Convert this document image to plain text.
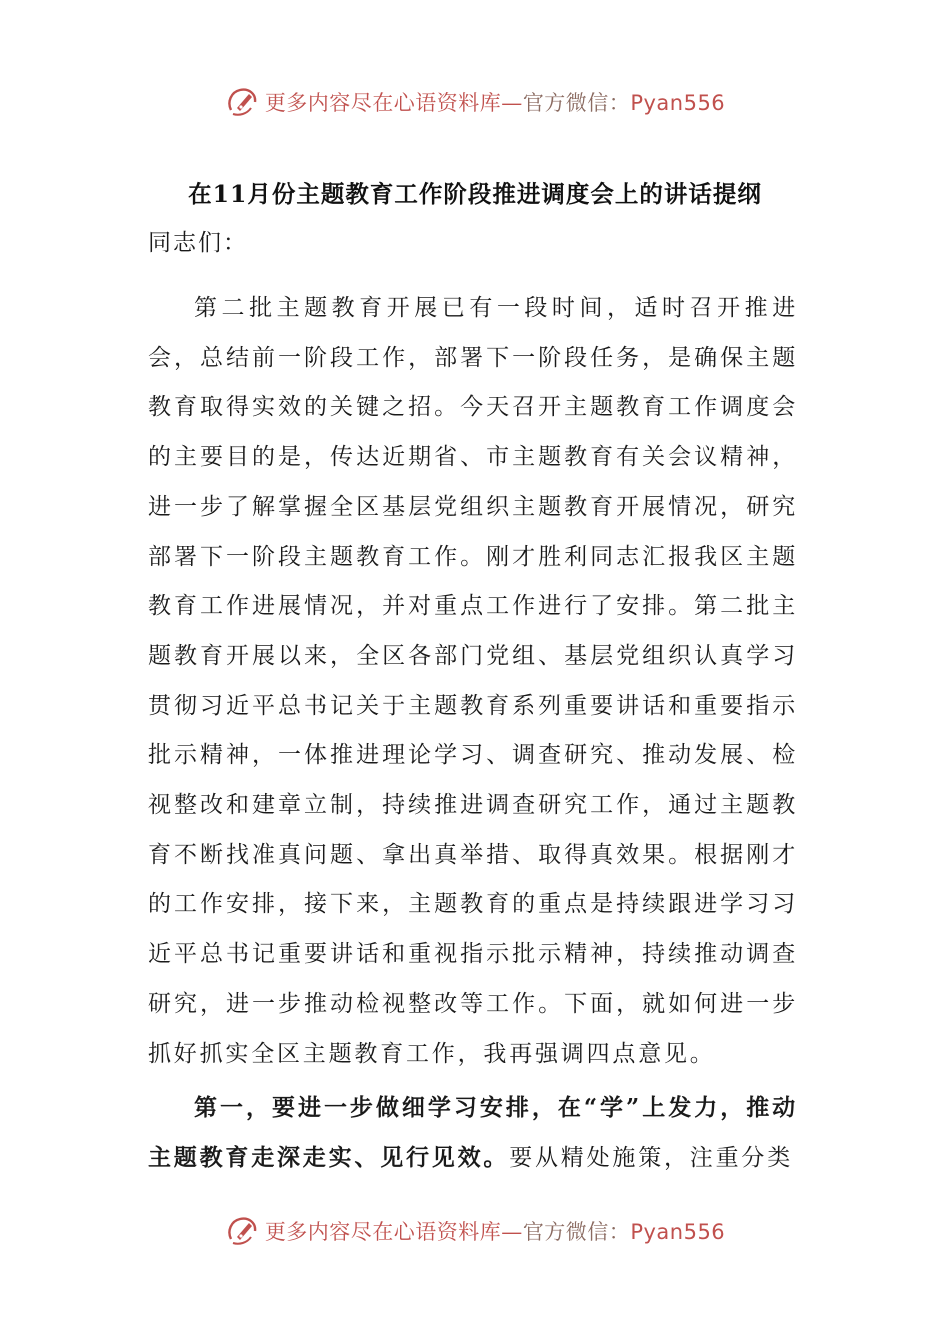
更多内容尽在心语资料库—官方微信：Pyan556
在11月份主题教育工作阶段推进调度会上的讲话提纲
同志们：

第二批主题教育开展已有一段时间，适时召开推进会，总结前一阶段工作，部署下一阶段任务，是确保主题教育取得实效的关键之招。今天召开主题教育工作调度会的主要目的是，传达近期省、市主题教育有关会议精神，进一步了解掌握全区基层党组织主题教育开展情况，研究部署下一阶段主题教育工作。刚才胜利同志汇报我区主题教育工作进展情况，并对重点工作进行了安排。第二批主题教育开展以来，全区各部门党组、基层党组织认真学习贯彻习近平总书记关于主题教育系列重要讲话和重要指示批示精神，一体推进理论学习、调查研究、推动发展、检视整改和建章立制，持续推进调查研究工作，通过主题教育不断找准真问题、拿出真举措、取得真效果。根据刚才的工作安排，接下来，主题教育的重点是持续跟进学习习近平总书记重要讲话和重视指示批示精神，持续推动调查研究，进一步推动检视整改等工作。下面，就如何进一步抓好抓实全区主题教育工作，我再强调四点意见。

第一，要进一步做细学习安排，在“学”上发力，推动主题教育走深走实、见行见效。要从精处施策，注重分类

更多内容尽在心语资料库—官方微信：Pyan556
